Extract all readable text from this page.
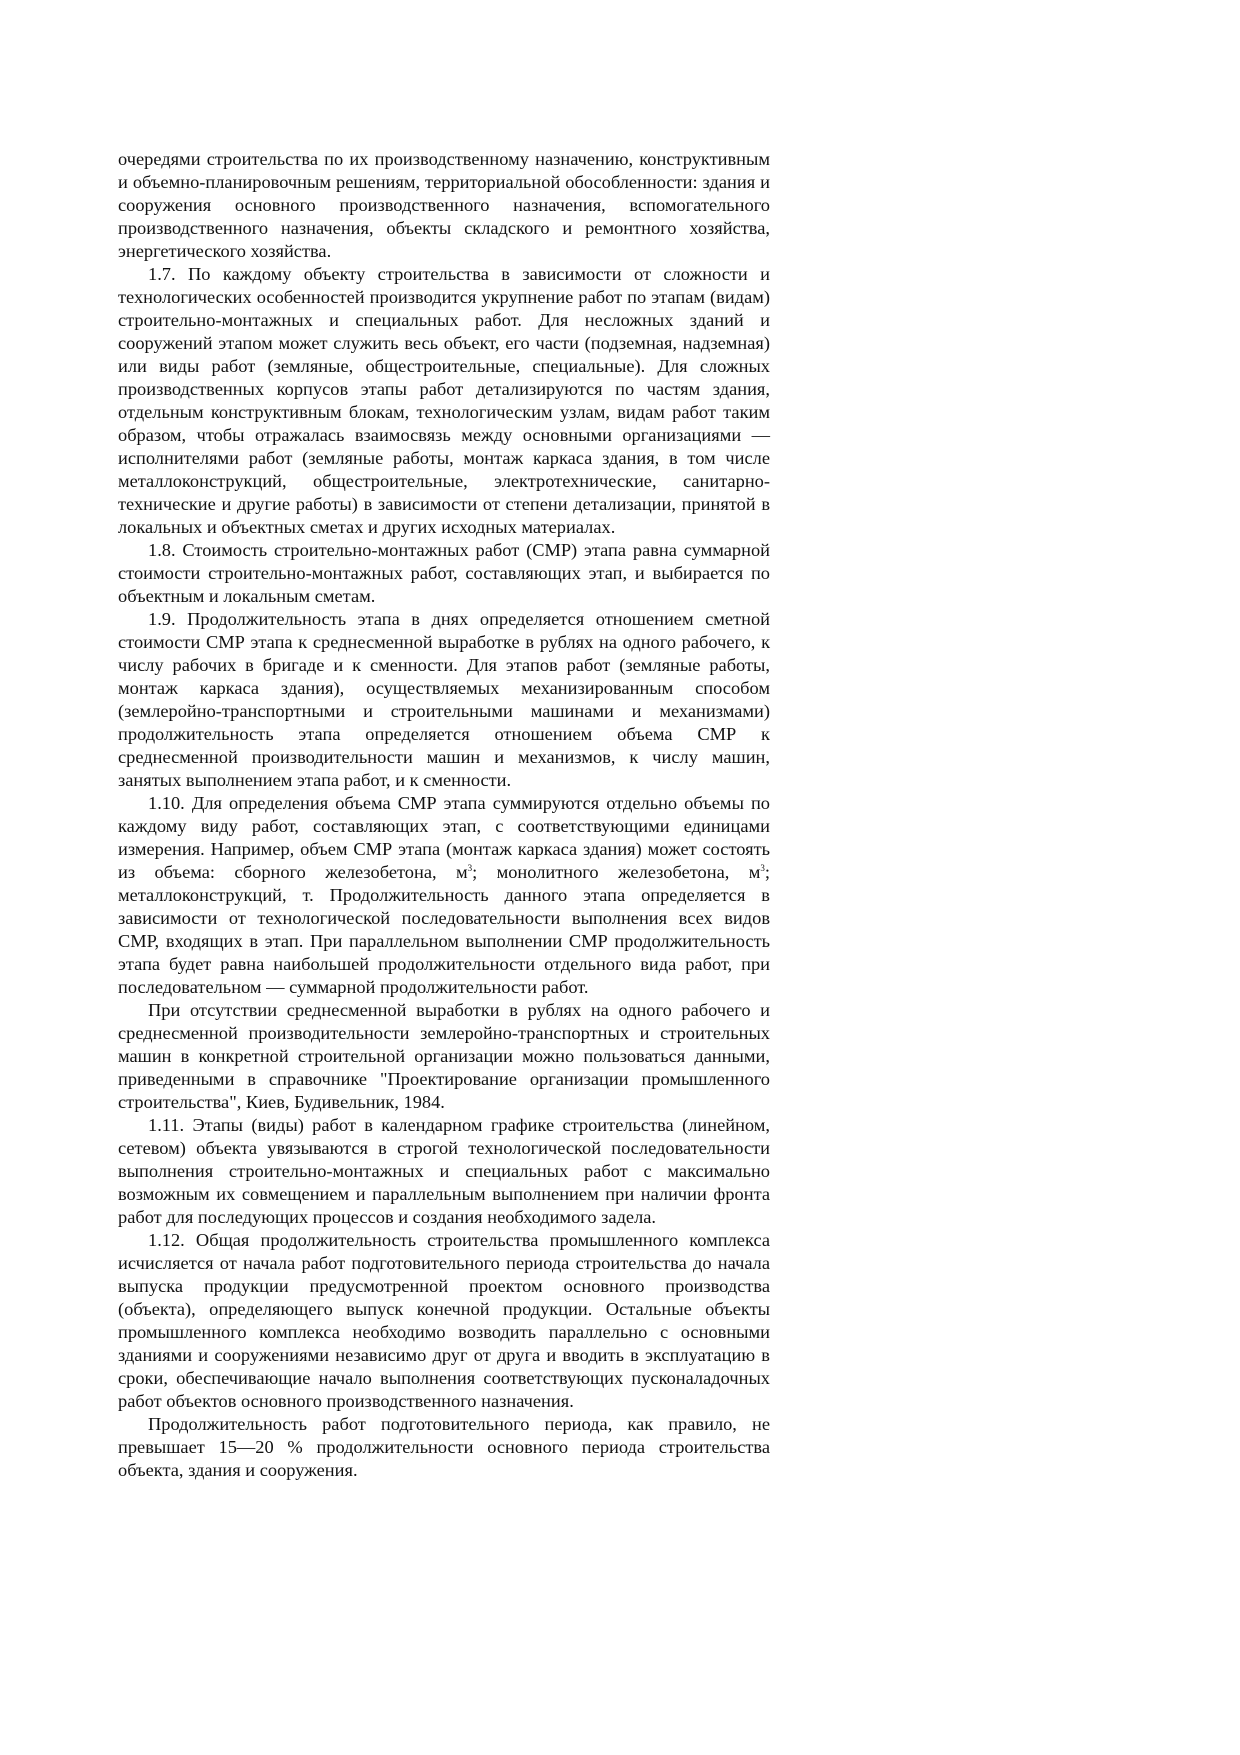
очередями строительства по их производственному назначению, конструктивным и объемно-планировочным решениям, территориальной обособленности: здания и сооружения основного производственного назначения, вспомогательного производственного назначения, объекты складского и ремонтного хозяйства, энергетического хозяйства.

1.7. По каждому объекту строительства в зависимости от сложности и технологических особенностей производится укрупнение работ по этапам (видам) строительно-монтажных и специальных работ. Для несложных зданий и сооружений этапом может служить весь объект, его части (подземная, надземная) или виды работ (земляные, общестроительные, специальные). Для сложных производственных корпусов этапы работ детализируются по частям здания, отдельным конструктивным блокам, технологическим узлам, видам работ таким образом, чтобы отражалась взаимосвязь между основными организациями — исполнителями работ (земляные работы, монтаж каркаса здания, в том числе металлоконструкций, общестроительные, электротехнические, санитарно-технические и другие работы) в зависимости от степени детализации, принятой в локальных и объектных сметах и других исходных материалах.

1.8. Стоимость строительно-монтажных работ (СМР) этапа равна суммарной стоимости строительно-монтажных работ, составляющих этап, и выбирается по объектным и локальным сметам.

1.9. Продолжительность этапа в днях определяется отношением сметной стоимости СМР этапа к среднесменной выработке в рублях на одного рабочего, к числу рабочих в бригаде и к сменности. Для этапов работ (земляные работы, монтаж каркаса здания), осуществляемых механизированным способом (землеройно-транспортными и строительными машинами и механизмами) продолжительность этапа определяется отношением объема СМР к среднесменной производительности машин и механизмов, к числу машин, занятых выполнением этапа работ, и к сменности.

1.10. Для определения объема СМР этапа суммируются отдельно объемы по каждому виду работ, составляющих этап, с соответствующими единицами измерения. Например, объем СМР этапа (монтаж каркаса здания) может состоять из объема: сборного железобетона, $м^3$; монолитного железобетона, $м^3$; металлоконструкций, т. Продолжительность данного этапа определяется в зависимости от технологической последовательности выполнения всех видов СМР, входящих в этап. При параллельном выполнении СМР продолжительность этапа будет равна наибольшей продолжительности отдельного вида работ, при последовательном — суммарной продолжительности работ.

При отсутствии среднесменной выработки в рублях на одного рабочего и среднесменной производительности землеройно-транспортных и строительных машин в конкретной строительной организации можно пользоваться данными, приведенными в справочнике "Проектирование организации промышленного строительства", Киев, Будивельник, 1984.

1.11. Этапы (виды) работ в календарном графике строительства (линейном, сетевом) объекта увязываются в строгой технологической последовательности выполнения строительно-монтажных и специальных работ с максимально возможным их совмещением и параллельным выполнением при наличии фронта работ для последующих процессов и создания необходимого задела.

1.12. Общая продолжительность строительства промышленного комплекса исчисляется от начала работ подготовительного периода строительства до начала выпуска продукции предусмотренной проектом основного производства (объекта), определяющего выпуск конечной продукции. Остальные объекты промышленного комплекса необходимо возводить параллельно с основными зданиями и сооружениями независимо друг от друга и вводить в эксплуатацию в сроки, обеспечивающие начало выполнения соответствующих пусконаладочных работ объектов основного производственного назначения.

Продолжительность работ подготовительного периода, как правило, не превышает 15—20 % продолжительности основного периода строительства объекта, здания и сооружения.
